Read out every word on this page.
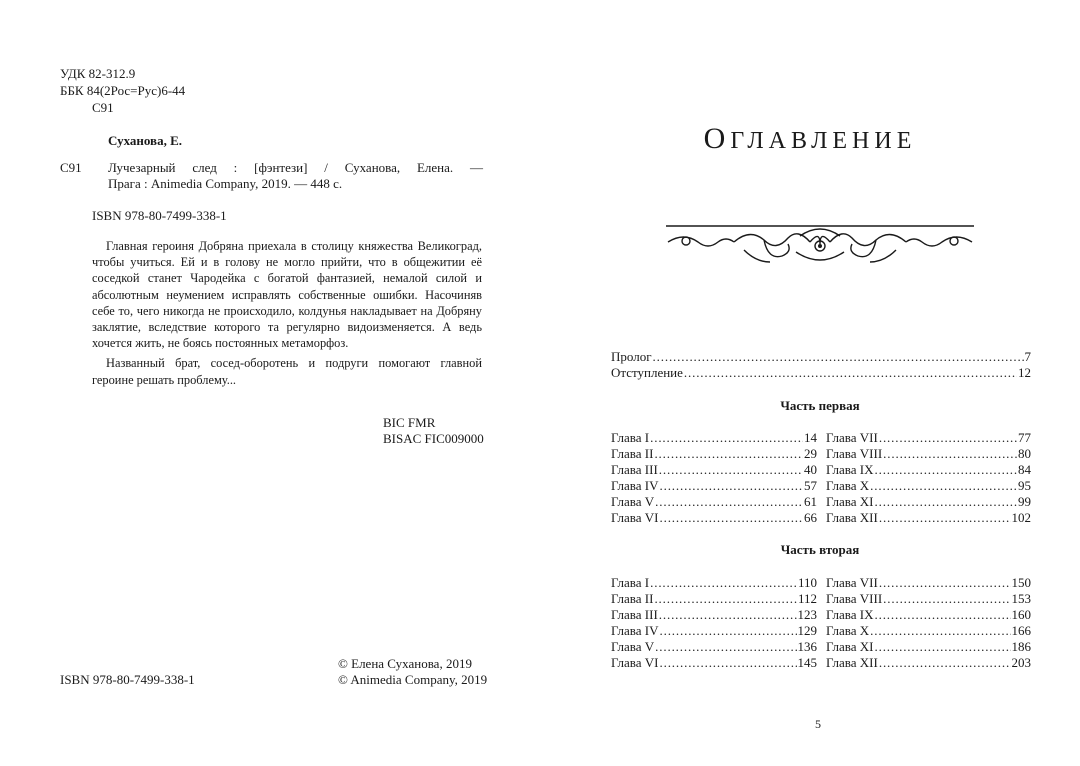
УДК 82-312.9
ББК 84(2Рос=Рус)6-44
С91
Суханова, Е.
С91 Лучезарный след : [фэнтези] / Суханова, Елена. —
Прага : Animedia Company, 2019. — 448 с.
ISBN 978-80-7499-338-1

Главная героиня Добряна приехала в столицу княжества Великоград, чтобы учиться. Ей и в голову не могло прийти, что в общежитии её соседкой станет Чародейка с богатой фантазией, немалой силой и абсолютным неумением исправлять собственные ошибки. Насочиняв себе то, чего никогда не происходило, колдунья накладывает на Добряну заклятие, вследствие которого та регулярно видоизменяется. А ведь хочется жить, не боясь постоянных метаморфоз.

Названный брат, сосед-оборотень и подруги помогают главной героине решать проблему...

BIC FMR
BISAC FIC009000
© Елена Суханова, 2019
© Animedia Company, 2019
ISBN 978-80-7499-338-1
ОГЛАВЛЕНИЕ
Пролог . . .	7
Отступление . . .	12
Часть первая
Глава I . . .	14
Глава II . . .	29
Глава III . . .	40
Глава IV . . .	57
Глава V . . .	61
Глава VI . . .	66
Глава VII . . .	77
Глава VIII . . .	80
Глава IX . . .	84
Глава X . . .	95
Глава XI . . .	99
Глава XII . . .	102
Часть вторая
Глава I . . .	110
Глава II . . .	112
Глава III . . .	123
Глава IV . . .	129
Глава V . . .	136
Глава VI . . .	145
Глава VII . . .	150
Глава VIII . . .	153
Глава IX . . .	160
Глава X . . .	166
Глава XI . . .	186
Глава XII . . .	203
5
